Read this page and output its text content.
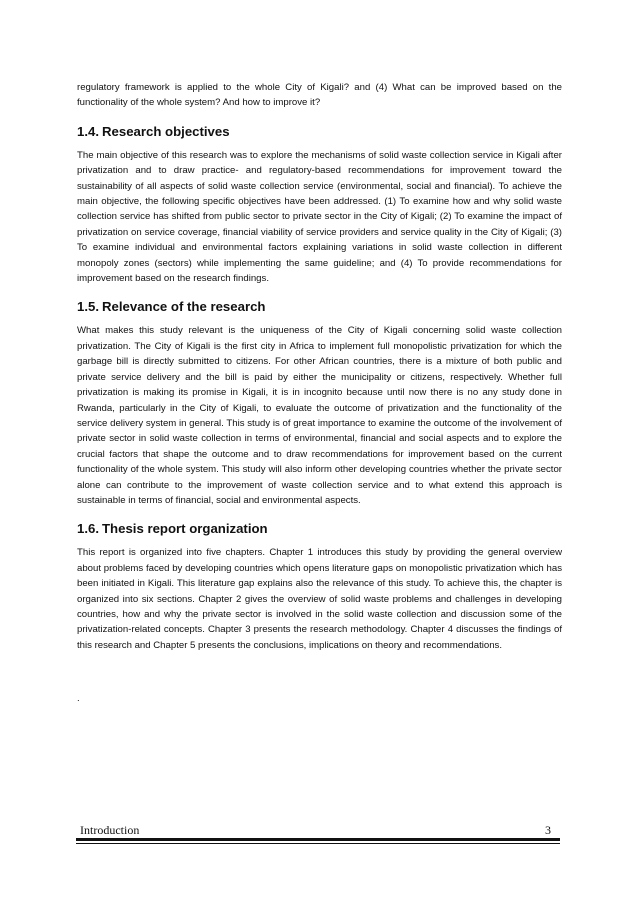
regulatory framework is applied to the whole City of Kigali? and (4) What can be improved based on the functionality of the whole system? And how to improve it?

1.4. Research objectives

The main objective of this research was to explore the mechanisms of solid waste collection service in Kigali after privatization and to draw practice- and regulatory-based recommendations for improvement toward the sustainability of all aspects of solid waste collection service (environmental, social and financial). To achieve the main objective, the following specific objectives have been addressed. (1) To examine how and why solid waste collection service has shifted from public sector to private sector in the City of Kigali; (2) To examine the impact of privatization on service coverage, financial viability of service providers and service quality in the City of Kigali; (3) To examine individual and environmental factors explaining variations in solid waste collection in different monopoly zones (sectors) while implementing the same guideline; and (4) To provide recommendations for improvement based on the research findings.

1.5. Relevance of the research

What makes this study relevant is the uniqueness of the City of Kigali concerning solid waste collection privatization. The City of Kigali is the first city in Africa to implement full monopolistic privatization for which the garbage bill is directly submitted to citizens. For other African countries, there is a mixture of both public and private service delivery and the bill is paid by either the municipality or citizens, respectively. Whether full privatization is making its promise in Kigali, it is in incognito because until now there is no any study done in Rwanda, particularly in the City of Kigali, to evaluate the outcome of privatization and the functionality of the service delivery system in general. This study is of great importance to examine the outcome of the involvement of private sector in solid waste collection in terms of environmental, financial and social aspects and to explore the crucial factors that shape the outcome and to draw recommendations for improvement based on the current functionality of the whole system. This study will also inform other developing countries whether the private sector alone can contribute to the improvement of waste collection service and to what extend this approach is sustainable in terms of financial, social and environmental aspects.

1.6. Thesis report organization

This report is organized into five chapters. Chapter 1 introduces this study by providing the general overview about problems faced by developing countries which opens literature gaps on monopolistic privatization which has been initiated in Kigali. This literature gap explains also the relevance of this study. To achieve this, the chapter is organized into six sections. Chapter 2 gives the overview of solid waste problems and challenges in developing countries, how and why the private sector is involved in the solid waste collection and discussion some of the privatization-related concepts. Chapter 3 presents the research methodology. Chapter 4 discusses the findings of this research and Chapter 5 presents the conclusions, implications on theory and recommendations.

.

Introduction	3
